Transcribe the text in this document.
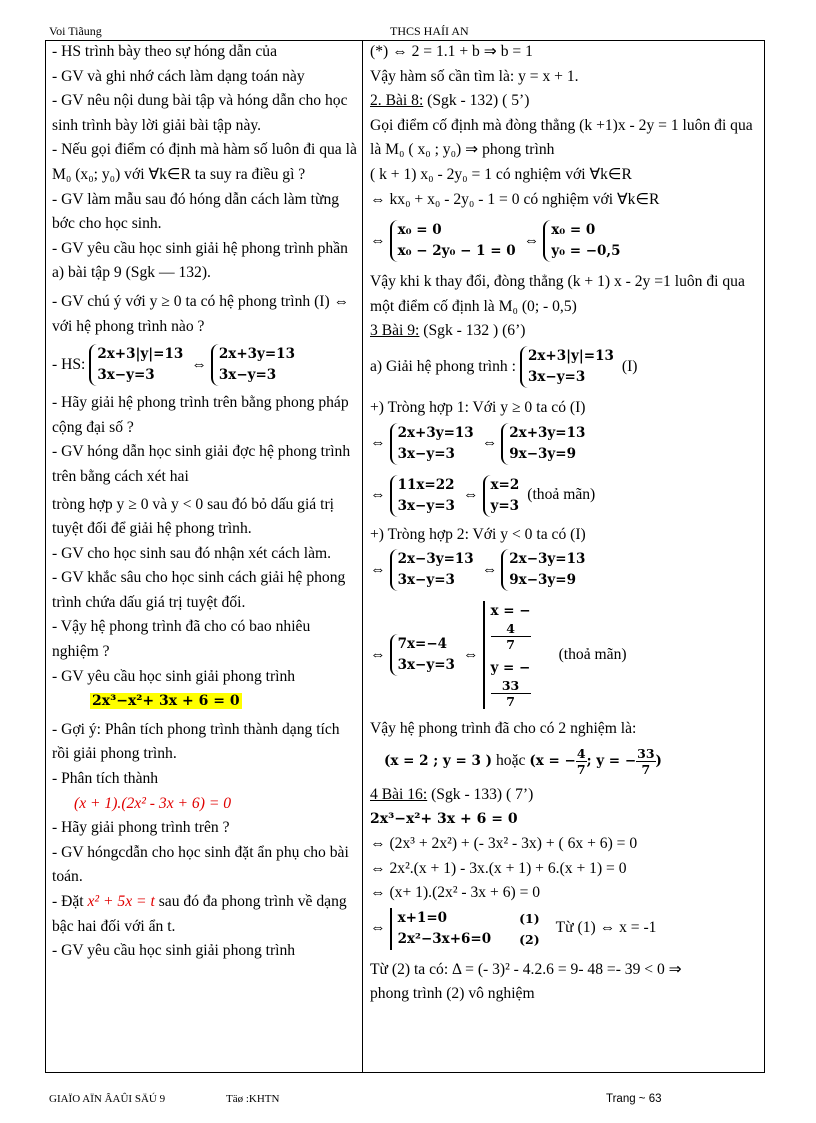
Voi Tiãung	THCS HAÍI AN

- HS trình bày theo sự hóng dẫn của

- GV và ghi nhớ cách làm dạng toán này

- GV nêu nội dung bài tập và hóng dẫn cho học sinh trình bày lời giải bài tập này.

- Nếu gọi điểm có định mà hàm số luôn đi qua là M₀ (x₀; y₀) với ∀k∈R ta suy ra điều gì ?

- GV làm mẫu sau đó hóng dẫn cách làm từng bớc cho học sinh.

- GV yêu cầu học sinh giải hệ phong trình phần a) bài tập 9 (Sgk — 132).

- GV chú ý với y ≥ 0 ta có hệ phong trình (I) ⇔ với hệ phong trình nào ?

- HS:
2x+3|y|=13
3x−y=3
⇔
2x+3y=13
3x−y=3

- Hãy giải hệ phong trình trên bằng phong pháp cộng đại số ?

- GV hóng dẫn học sinh giải đợc hệ phong trình trên bằng cách xét hai

tròng hợp y ≥ 0 và y < 0 sau đó bỏ dấu giá trị tuyệt đối để giải hệ phong trình.

- GV cho học sinh sau đó nhận xét cách làm.

- GV khắc sâu cho học sinh cách giải hệ phong trình chứa dấu giá trị tuyệt đối.

- Vậy hệ phong trình đã cho có bao nhiêu nghiệm ?

- GV yêu cầu học sinh giải phong trình

2x³−x²+ 3x + 6 = 0

- Gợi ý: Phân tích phong trình thành dạng tích rồi giải phong trình.

- Phân tích thành

(x + 1).(2x² - 3x + 6) = 0

- Hãy giải phong trình trên ?

- GV hóngcdẫn cho học sinh đặt ẩn phụ cho bài toán.

- Đặt x² + 5x = t sau đó đa phong trình về dạng bậc hai đối với ẩn t.

- GV yêu cầu học sinh giải phong trình

(*) ⇔ 2 = 1.1 + b ⇒ b = 1

Vậy hàm số cần tìm là: y = x + 1.

2. Bài 8: (Sgk - 132) ( 5’)

Gọi điểm cố định mà đòng thẳng (k +1)x - 2y = 1 luôn đi qua là M₀ ( x₀ ; y₀) ⇒ phong trình

( k + 1) x₀ - 2y₀ = 1 có nghiệm với ∀k∈R

⇔ kx₀ + x₀ - 2y₀ - 1 = 0 có nghiệm với ∀k∈R

⇔
x₀ = 0
x₀ − 2y₀ − 1 = 0
⇔
x₀ = 0
y₀ = −0,5

Vậy khi k thay đổi, đòng thẳng (k + 1) x - 2y =1 luôn đi qua một điểm cố định là M₀ (0; - 0,5)

3 Bài 9: (Sgk - 132 ) (6’)

a) Giải hệ phong trình :
2x+3|y|=13
3x−y=3
(I)

+) Tròng hợp 1: Với y ≥ 0 ta có (I)

⇔
2x+3y=13
3x−y=3
⇔
2x+3y=13
9x−3y=9
⇔
11x=22
3x−y=3
⇔
x=2
y=3
(thoả mãn)

+) Tròng hợp 2: Với y < 0 ta có (I)

⇔
2x−3y=13
3x−y=3
⇔
2x−3y=13
9x−3y=9
⇔
7x=−4
3x−y=3
⇔
x = −
4
7
y = −
33
7
(thoả mãn)

Vậy hệ phong trình đã cho có 2 nghiệm là:

(x = 2 ; y = 3 ) hoặc (x = − $\frac{4}{7}$ ; y = − $\frac{33}{7}$ )

4 Bài 16: (Sgk - 133) ( 7’)

2x³−x²+ 3x + 6 = 0

⇔ (2x³ + 2x²) + (- 3x² - 3x) + ( 6x + 6) = 0

⇔ 2x².(x + 1) - 3x.(x + 1) + 6.(x + 1) = 0

⇔ (x+ 1).(2x² - 3x + 6) = 0

⇔
x+1=0
2x²−3x+6=0
(1)
(2)
Từ (1) ⇔ x = -1

Từ (2) ta có: Δ = (- 3)² - 4.2.6 = 9- 48 =- 39 < 0 ⇒

phong trình (2) vô nghiệm

GIAÏO AÏN ÂAÛI SÄÚ 9	Täø :KHTN	Trang ~ 63
